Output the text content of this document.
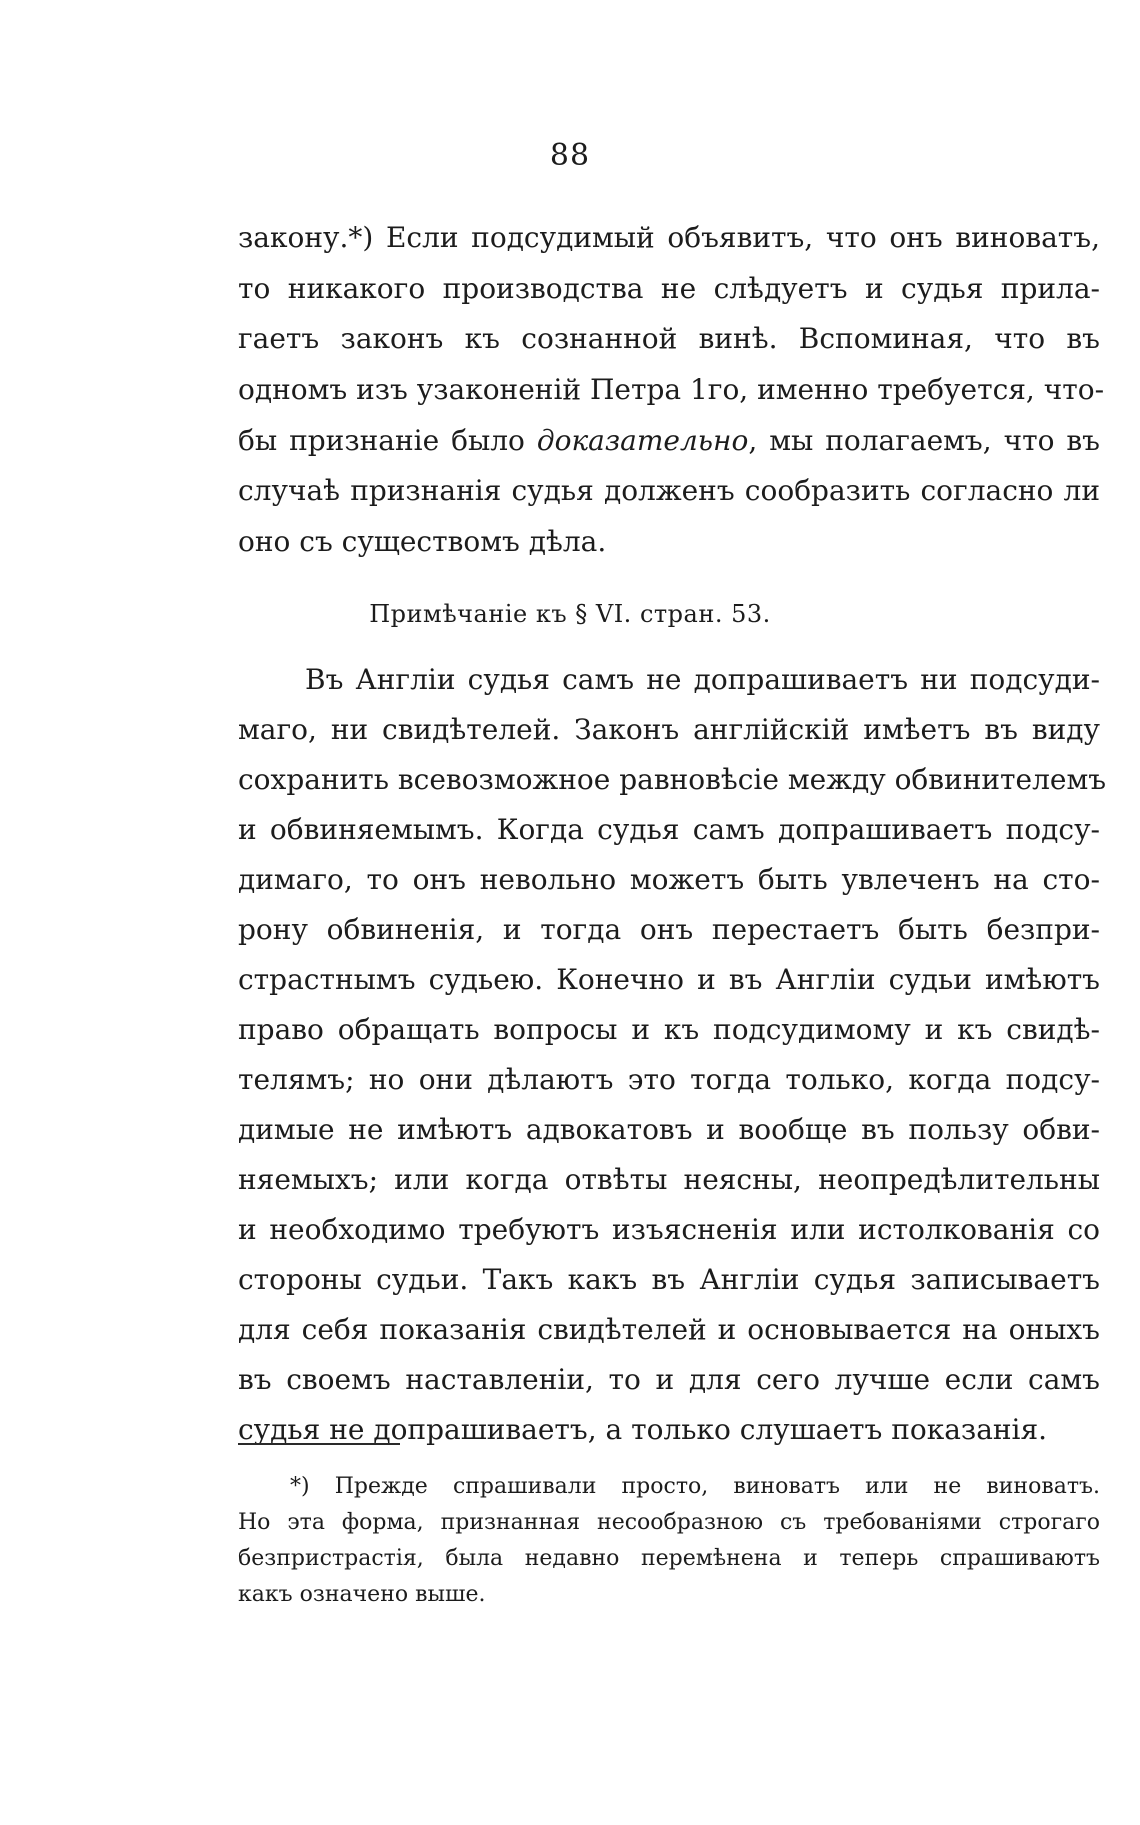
88
закону.*) Если подсудимый объявитъ, что онъ виноватъ,
то никакого производства не слѣдуетъ и судья прила-
гаетъ законъ къ сознанной винѣ. Вспоминая, что въ
одномъ изъ узаконеній Петра 1го, именно требуется, что-
бы признаніе было доказательно, мы полагаемъ, что въ
случаѣ признанія судья долженъ сообразить согласно ли
оно съ существомъ дѣла.
Примѣчаніе къ § VI. стран. 53.
Въ Англіи судья самъ не допрашиваетъ ни подсуди-
маго, ни свидѣтелей. Законъ англійскій имѣетъ въ виду
сохранить всевозможное равновѣсіе между обвинителемъ
и обвиняемымъ. Когда судья самъ допрашиваетъ подсу-
димаго, то онъ невольно можетъ быть увлеченъ на сто-
рону обвиненія, и тогда онъ перестаетъ быть безпри-
страстнымъ судьею. Конечно и въ Англіи судьи имѣютъ
право обращать вопросы и къ подсудимому и къ свидѣ-
телямъ; но они дѣлаютъ это тогда только, когда подсу-
димые не имѣютъ адвокатовъ и вообще въ пользу обви-
няемыхъ; или когда отвѣты неясны, неопредѣлительны
и необходимо требуютъ изъясненія или истолкованія со
стороны судьи. Такъ какъ въ Англіи судья записываетъ
для себя показанія свидѣтелей и основывается на оныхъ
въ своемъ наставленіи, то и для сего лучше если самъ
судья не допрашиваетъ, а только слушаетъ показанія.
*) Прежде спрашивали просто, виноватъ или не виноватъ.
Но эта форма, признанная несообразною съ требованіями строгаго
безпристрастія, была недавно перемѣнена и теперь спрашиваютъ
какъ означено выше.
